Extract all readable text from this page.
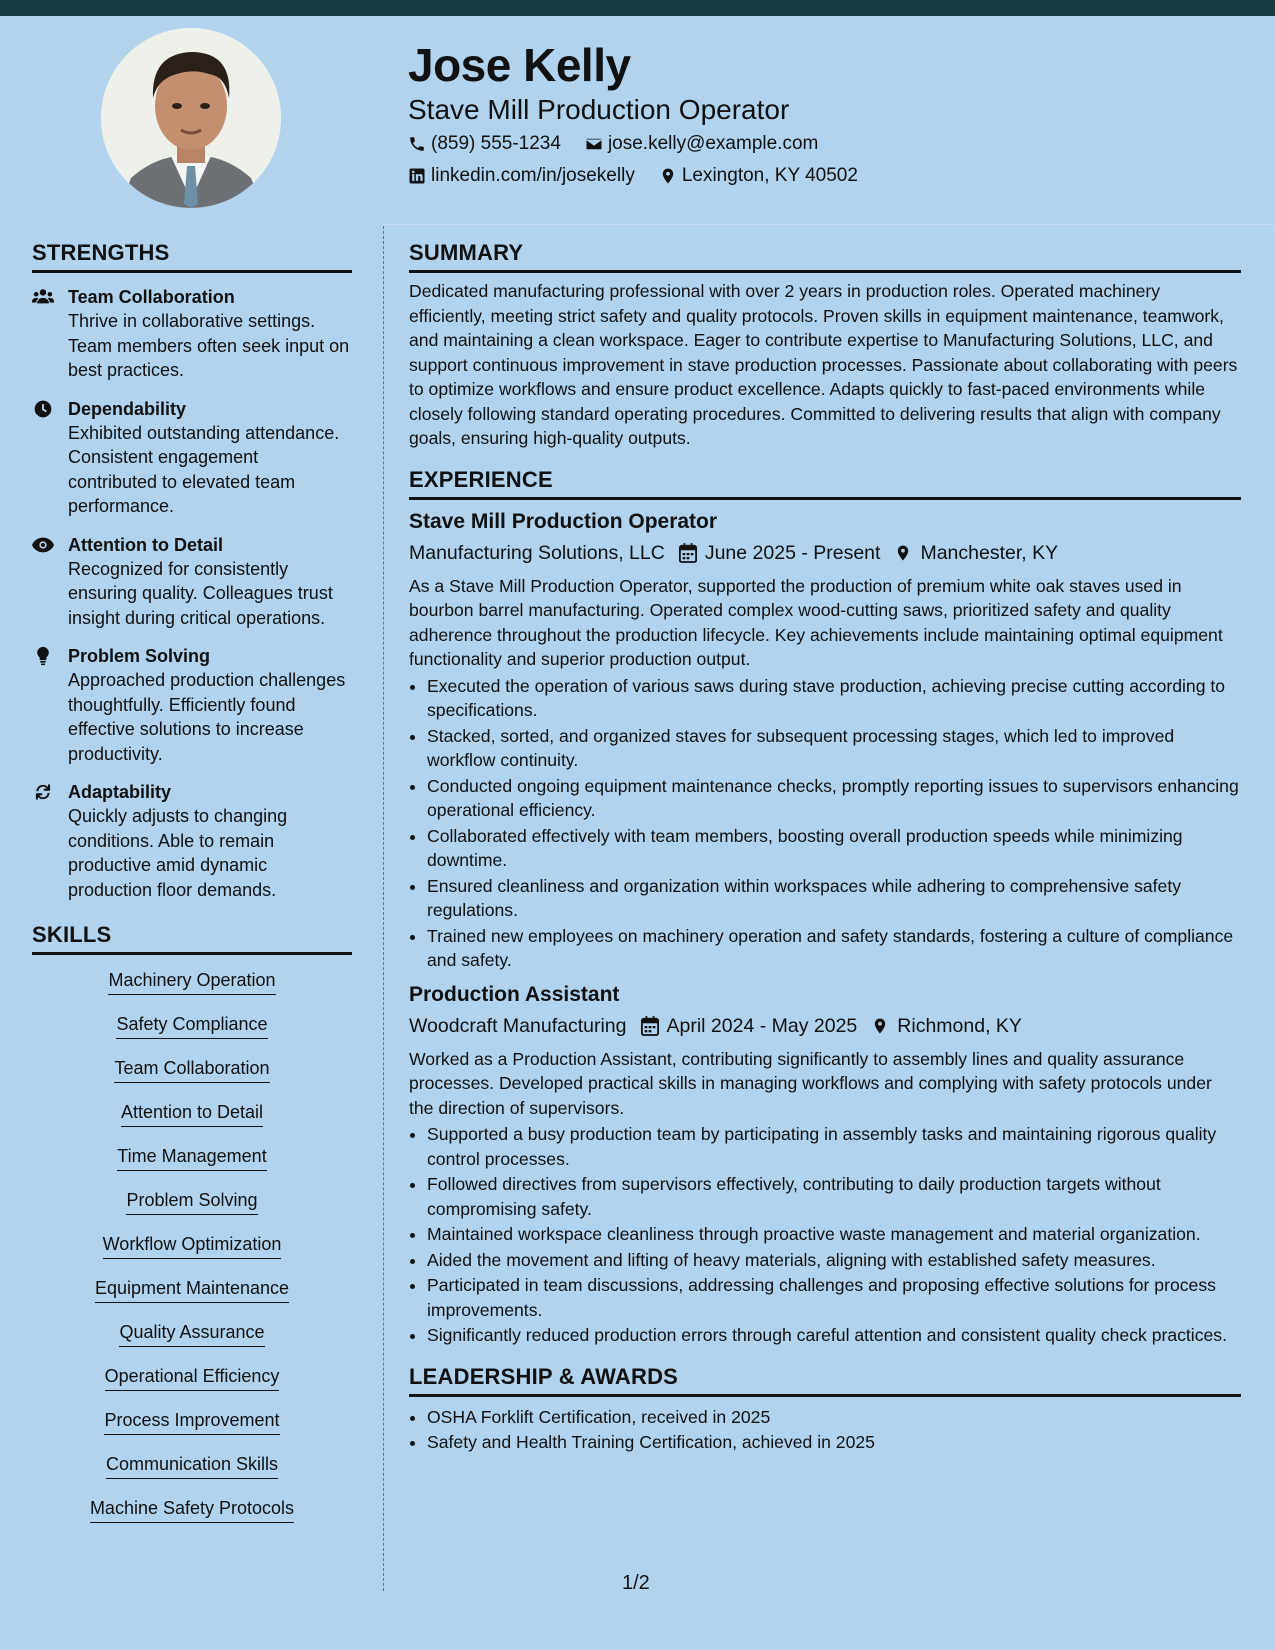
Jose Kelly
Stave Mill Production Operator
(859) 555-1234 jose.kelly@example.com
linkedin.com/in/josekelly Lexington, KY 40502
STRENGTHS
Team Collaboration
Thrive in collaborative settings. Team members often seek input on best practices.
Dependability
Exhibited outstanding attendance. Consistent engagement contributed to elevated team performance.
Attention to Detail
Recognized for consistently ensuring quality. Colleagues trust insight during critical operations.
Problem Solving
Approached production challenges thoughtfully. Efficiently found effective solutions to increase productivity.
Adaptability
Quickly adjusts to changing conditions. Able to remain productive amid dynamic production floor demands.
SKILLS
Machinery Operation
Safety Compliance
Team Collaboration
Attention to Detail
Time Management
Problem Solving
Workflow Optimization
Equipment Maintenance
Quality Assurance
Operational Efficiency
Process Improvement
Communication Skills
Machine Safety Protocols
SUMMARY

Dedicated manufacturing professional with over 2 years in production roles. Operated machinery efficiently, meeting strict safety and quality protocols. Proven skills in equipment maintenance, teamwork, and maintaining a clean workspace. Eager to contribute expertise to Manufacturing Solutions, LLC, and support continuous improvement in stave production processes. Passionate about collaborating with peers to optimize workflows and ensure product excellence. Adapts quickly to fast-paced environments while closely following standard operating procedures. Committed to delivering results that align with company goals, ensuring high-quality outputs.

EXPERIENCE
Stave Mill Production Operator
Manufacturing Solutions, LLC June 2025 - Present Manchester, KY

As a Stave Mill Production Operator, supported the production of premium white oak staves used in bourbon barrel manufacturing. Operated complex wood-cutting saws, prioritized safety and quality adherence throughout the production lifecycle. Key achievements include maintaining optimal equipment functionality and superior production output.

• Executed the operation of various saws during stave production, achieving precise cutting according to specifications.
• Stacked, sorted, and organized staves for subsequent processing stages, which led to improved workflow continuity.
• Conducted ongoing equipment maintenance checks, promptly reporting issues to supervisors enhancing operational efficiency.
• Collaborated effectively with team members, boosting overall production speeds while minimizing downtime.
• Ensured cleanliness and organization within workspaces while adhering to comprehensive safety regulations.
• Trained new employees on machinery operation and safety standards, fostering a culture of compliance and safety.
Production Assistant
Woodcraft Manufacturing April 2024 - May 2025 Richmond, KY

Worked as a Production Assistant, contributing significantly to assembly lines and quality assurance processes. Developed practical skills in managing workflows and complying with safety protocols under the direction of supervisors.

• Supported a busy production team by participating in assembly tasks and maintaining rigorous quality control processes.
• Followed directives from supervisors effectively, contributing to daily production targets without compromising safety.
• Maintained workspace cleanliness through proactive waste management and material organization.
• Aided the movement and lifting of heavy materials, aligning with established safety measures.
• Participated in team discussions, addressing challenges and proposing effective solutions for process improvements.
• Significantly reduced production errors through careful attention and consistent quality check practices.
LEADERSHIP & AWARDS
• OSHA Forklift Certification, received in 2025
• Safety and Health Training Certification, achieved in 2025
1/2
